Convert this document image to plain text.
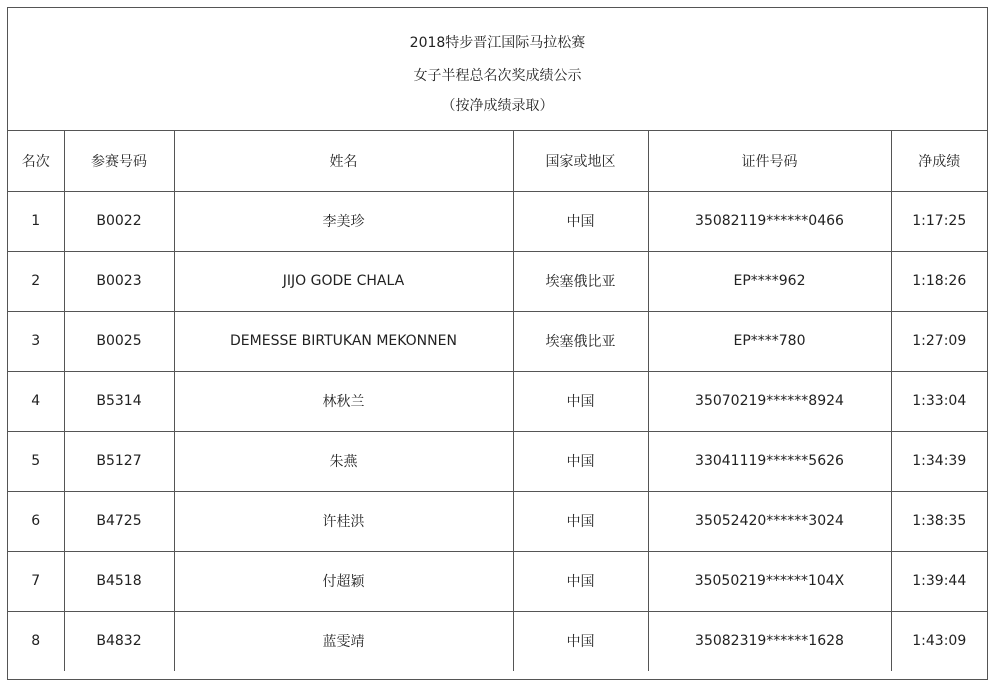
2018特步晋江国际马拉松赛
女子半程总名次奖成绩公示
（按净成绩录取）
名次	参赛号码	姓名	国家或地区	证件号码	净成绩
1	B0022	李美珍	中国	35082119******0466	1:17:25
2	B0023	JIJO GODE CHALA	埃塞俄比亚	EP****962	1:18:26
3	B0025	DEMESSE BIRTUKAN MEKONNEN	埃塞俄比亚	EP****780	1:27:09
4	B5314	林秋兰	中国	35070219******8924	1:33:04
5	B5127	朱燕	中国	33041119******5626	1:34:39
6	B4725	许桂洪	中国	35052420******3024	1:38:35
7	B4518	付超颖	中国	35050219******104X	1:39:44
8	B4832	蓝雯靖	中国	35082319******1628	1:43:09
